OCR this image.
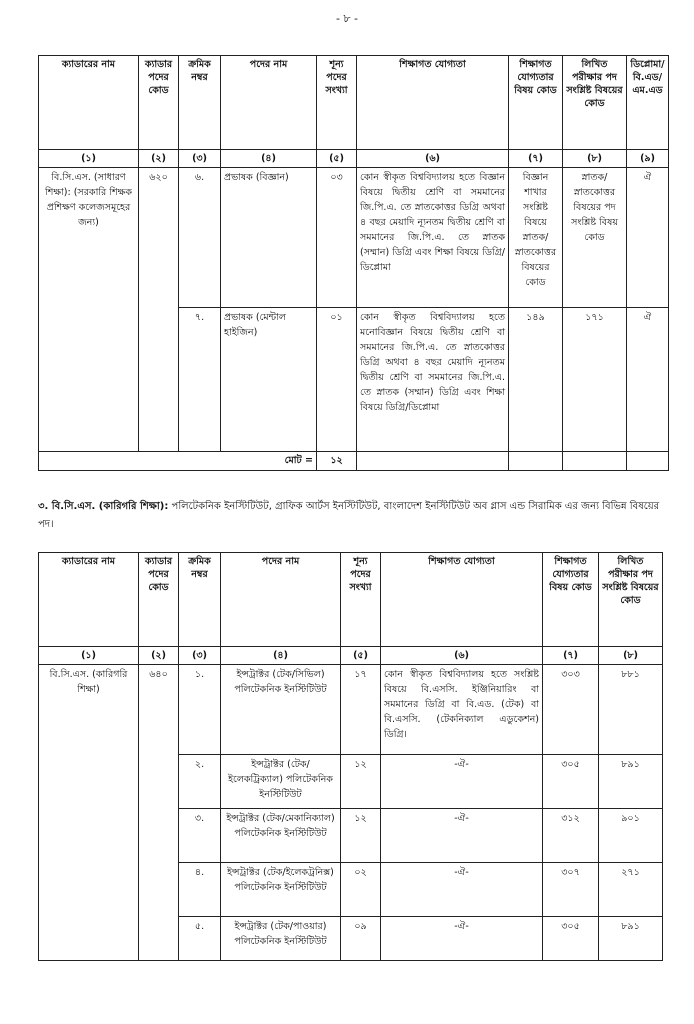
- ৮ -
ক্যাডারের নাম	ক্যাডার পদের কোড	ক্রমিক নম্বর	পদের নাম	শূন্য পদের সংখ্যা	শিক্ষাগত যোগ্যতা	শিক্ষাগত যোগ্যতার বিষয় কোড	লিখিত পরীক্ষার পদ সংশ্লিষ্ট বিষয়ের কোড	ডিপ্লোমা/ বি.এড/ এম.এড
(১)	(২)	(৩)	(৪)	(৫)	(৬)	(৭)	(৮)	(৯)
বি.সি.এস. (সাধারণ শিক্ষা): (সরকারি শিক্ষক প্রশিক্ষণ কলেজসমূহের জন্য)	৬২০	৬.	প্রভাষক (বিজ্ঞান)	০৩	কোন স্বীকৃত বিশ্ববিদ্যালয় হতে বিজ্ঞান বিষয়ে দ্বিতীয় শ্রেণি বা সমমানের জি.পি.এ. তে স্নাতকোত্তর ডিগ্রি অথবা ৪ বছর মেয়াদি ন্যূনতম দ্বিতীয় শ্রেণি বা সমমানের জি.পি.এ. তে স্নাতক (সম্মান) ডিগ্রি এবং শিক্ষা বিষয়ে ডিগ্রি/ডিপ্লোমা	বিজ্ঞান শাখার সংশ্লিষ্ট বিষয়ে স্নাতক/ স্নাতকোত্তর বিষয়ের কোড	স্নাতক/ স্নাতকোত্তর বিষয়ের পদ সংশ্লিষ্ট বিষয় কোড	ঐ
		৭.	প্রভাষক (মেন্টাল হাইজিন)	০১	কোন স্বীকৃত বিশ্ববিদ্যালয় হতে মনোবিজ্ঞান বিষয়ে দ্বিতীয় শ্রেণি বা সমমানের জি.পি.এ. তে স্নাতকোত্তর ডিগ্রি অথবা ৪ বছর মেয়াদি ন্যূনতম দ্বিতীয় শ্রেণি বা সমমানের জি.পি.এ. তে স্নাতক (সম্মান) ডিগ্রি এবং শিক্ষা বিষয়ে ডিগ্রি/ডিপ্লোমা	১৪৯	১৭১	ঐ
মোট =				১২				
৩. বি.সি.এস. (কারিগরি শিক্ষা): পলিটেকনিক ইনস্টিটিউট, গ্রাফিক আর্টস ইনস্টিটিউট, বাংলাদেশ ইনস্টিটিউট অব গ্লাস এন্ড সিরামিক এর জন্য বিভিন্ন বিষয়ের পদ।
ক্যাডারের নাম	ক্যাডার পদের কোড	ক্রমিক নম্বর	পদের নাম	শূন্য পদের সংখ্যা	শিক্ষাগত যোগ্যতা	শিক্ষাগত যোগ্যতার বিষয় কোড	লিখিত পরীক্ষার পদ সংশ্লিষ্ট বিষয়ের কোড
(১)	(২)	(৩)	(৪)	(৫)	(৬)	(৭)	(৮)
বি.সি.এস. (কারিগরি শিক্ষা)	৬৪০	১.	ইন্সট্রাক্টর (টেক/সিভিল) পলিটেকনিক ইনস্টিটিউট	১৭	কোন স্বীকৃত বিশ্ববিদ্যালয় হতে সংশ্লিষ্ট বিষয়ে বি.এসসি. ইঞ্জিনিয়ারিং বা সমমানের ডিগ্রি বা বি.এড. (টেক) বা বি.এসসি. (টেকনিক্যাল এডুকেশন) ডিগ্রি।	৩০৩	৮৮১
		২.	ইন্সট্রাক্টর (টেক/ইলেকট্রিক্যাল) পলিটেকনিক ইনস্টিটিউট	১২	-ঐ-	৩০৫	৮৯১
		৩.	ইন্সট্রাক্টর (টেক/মেকানিক্যাল) পলিটেকনিক ইনস্টিটিউট	১২	-ঐ-	৩১২	৯০১
		৪.	ইন্সট্রাক্টর (টেক/ইলেকট্রনিক্স) পলিটেকনিক ইনস্টিটিউট	০২	-ঐ-	৩০৭	২৭১
		৫.	ইন্সট্রাক্টর (টেক/পাওয়ার) পলিটেকনিক ইনস্টিটিউট	০৯	-ঐ-	৩০৫	৮৯১
